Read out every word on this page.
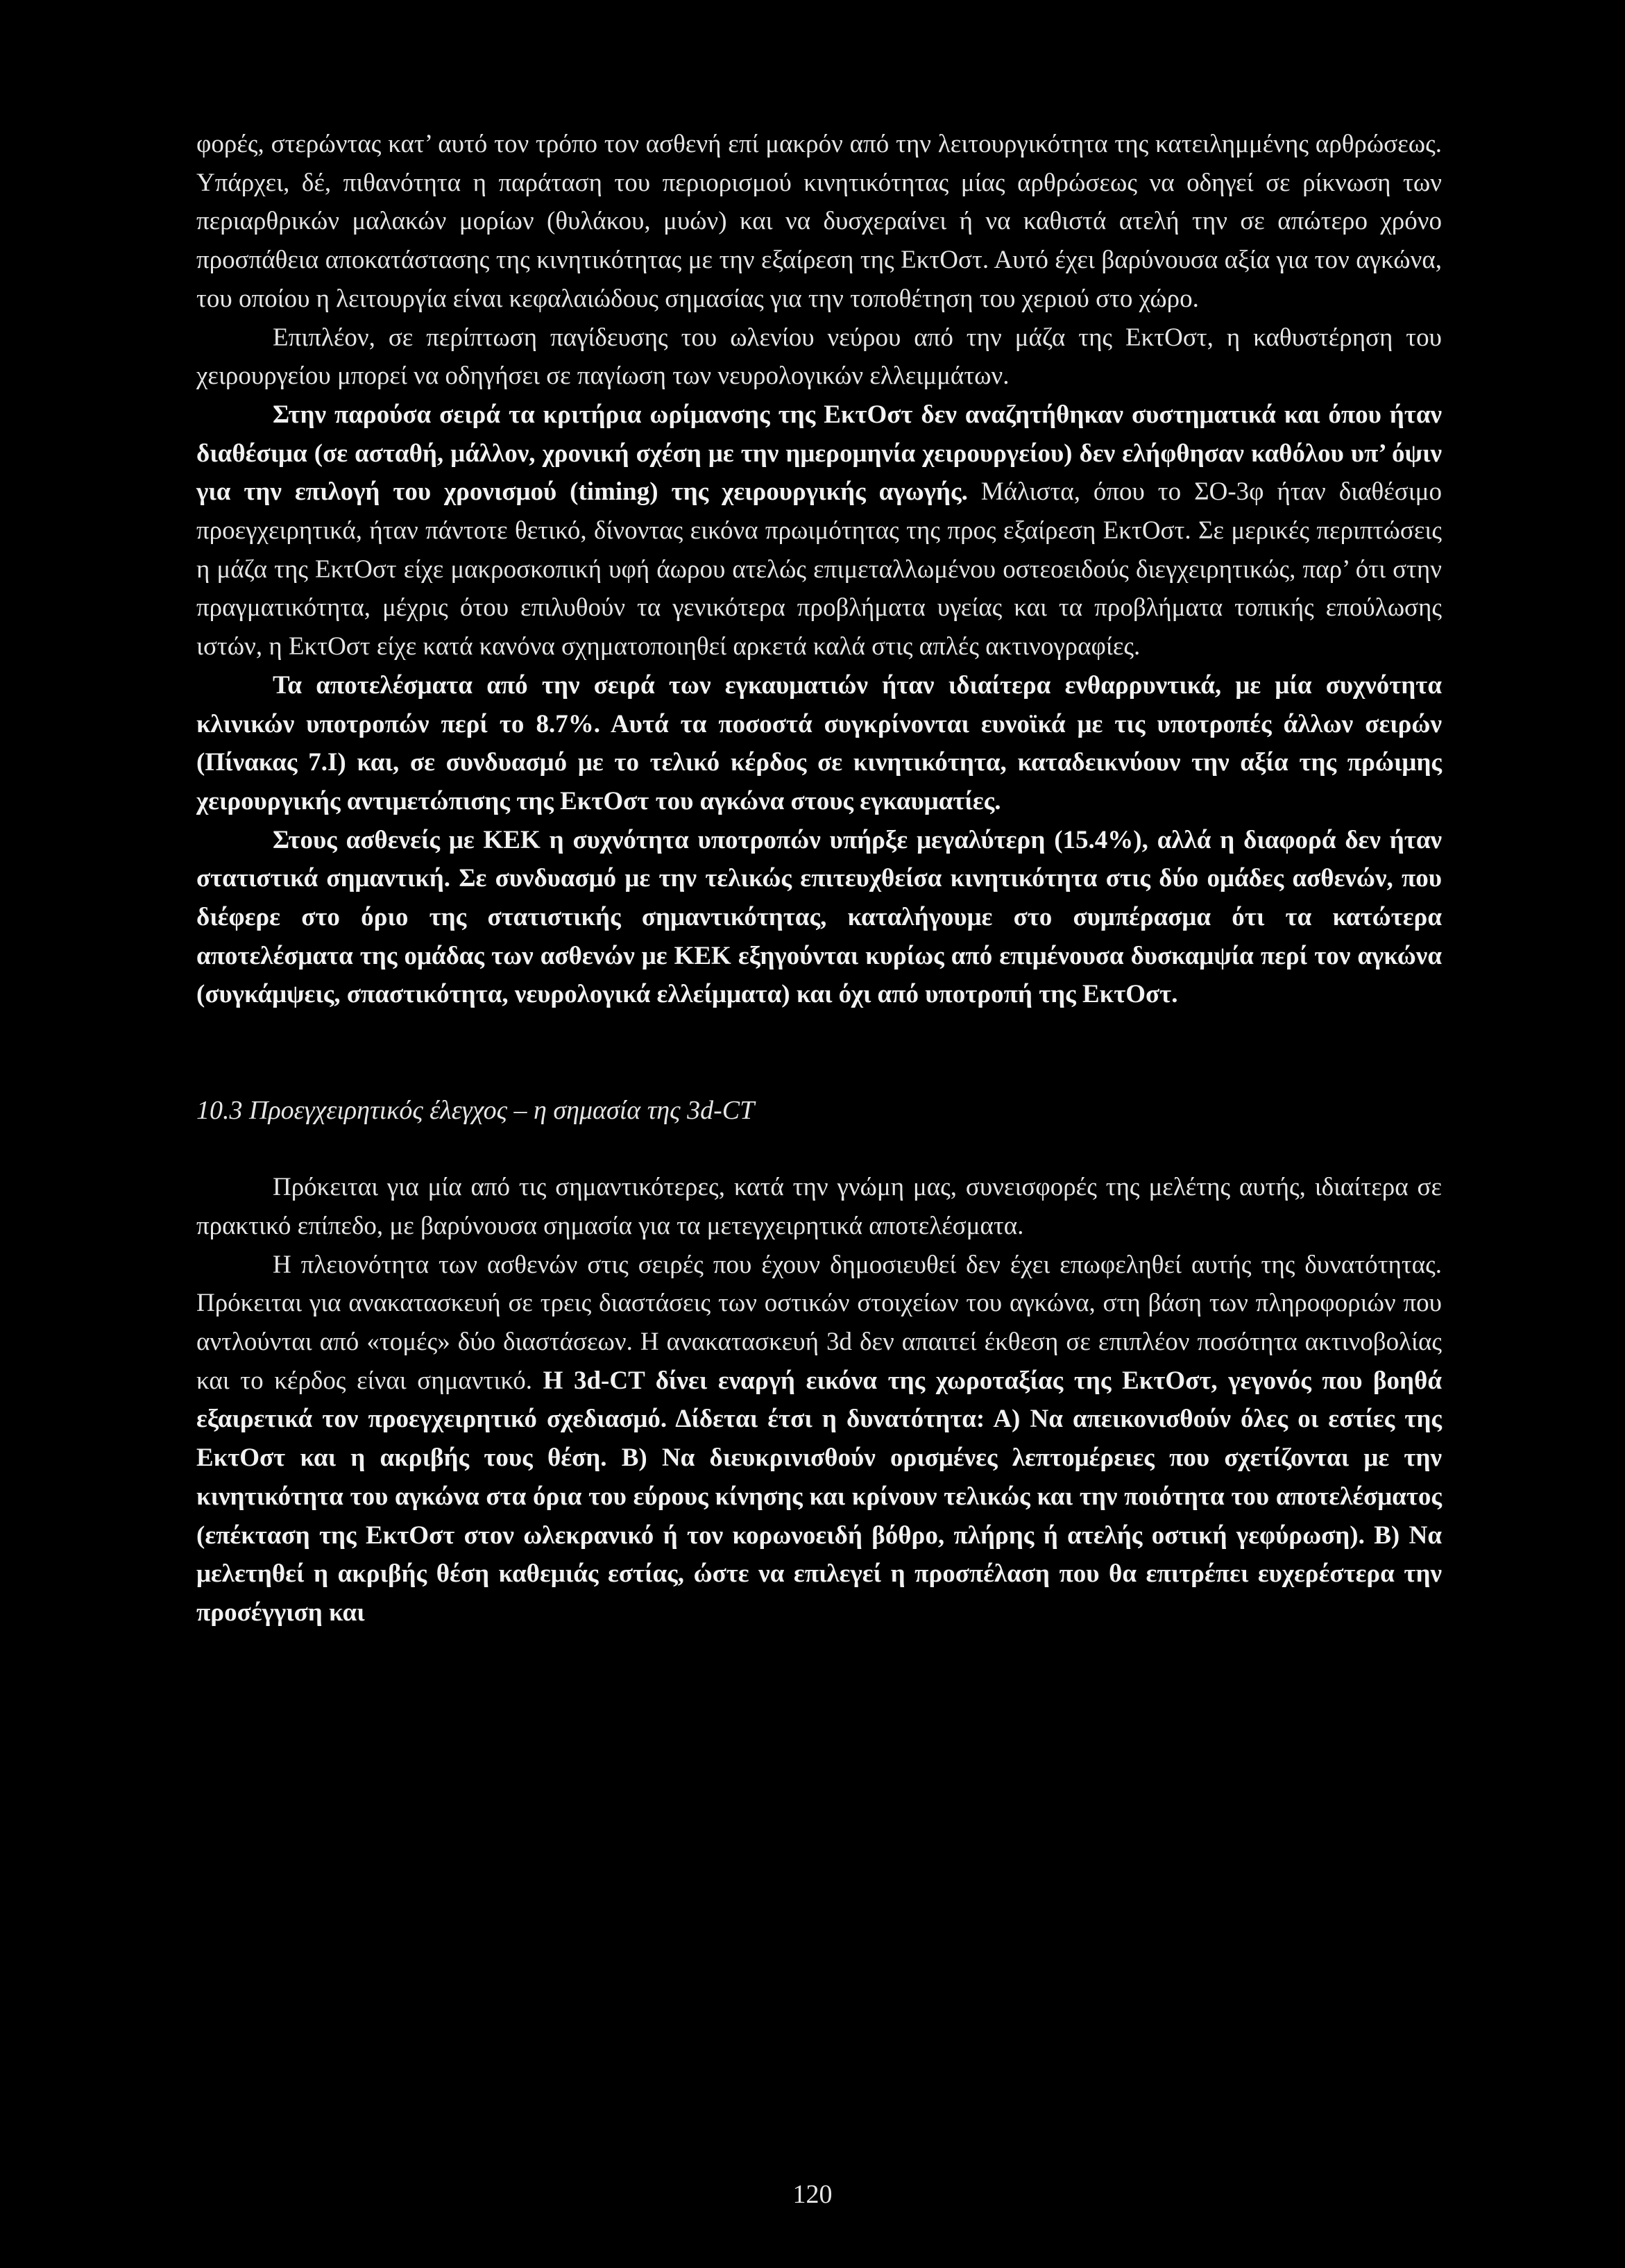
φορές, στερώντας κατ’ αυτό τον τρόπο τον ασθενή επί μακρόν από την λειτουργικότητα της κατειλημμένης αρθρώσεως. Υπάρχει, δέ, πιθανότητα η παράταση του περιορισμού κινητικότητας μίας αρθρώσεως να οδηγεί σε ρίκνωση των περιαρθρικών μαλακών μορίων (θυλάκου, μυών) και να δυσχεραίνει ή να καθιστά ατελή την σε απώτερο χρόνο προσπάθεια αποκατάστασης της κινητικότητας με την εξαίρεση της ΕκτΟστ. Αυτό έχει βαρύνουσα αξία για τον αγκώνα, του οποίου η λειτουργία είναι κεφαλαιώδους σημασίας για την τοποθέτηση του χεριού στο χώρο.

Επιπλέον, σε περίπτωση παγίδευσης του ωλενίου νεύρου από την μάζα της ΕκτΟστ, η καθυστέρηση του χειρουργείου μπορεί να οδηγήσει σε παγίωση των νευρολογικών ελλειμμάτων.

Στην παρούσα σειρά τα κριτήρια ωρίμανσης της ΕκτΟστ δεν αναζητήθηκαν συστηματικά και όπου ήταν διαθέσιμα (σε ασταθή, μάλλον, χρονική σχέση με την ημερομηνία χειρουργείου) δεν ελήφθησαν καθόλου υπ’ όψιν για την επιλογή του χρονισμού (timing) της χειρουργικής αγωγής. Μάλιστα, όπου το ΣΟ-3φ ήταν διαθέσιμο προεγχειρητικά, ήταν πάντοτε θετικό, δίνοντας εικόνα πρωιμότητας της προς εξαίρεση ΕκτΟστ. Σε μερικές περιπτώσεις η μάζα της ΕκτΟστ είχε μακροσκοπική υφή άωρου ατελώς επιμεταλλωμένου οστεοειδούς διεγχειρητικώς, παρ’ ότι στην πραγματικότητα, μέχρις ότου επιλυθούν τα γενικότερα προβλήματα υγείας και τα προβλήματα τοπικής επούλωσης ιστών, η ΕκτΟστ είχε κατά κανόνα σχηματοποιηθεί αρκετά καλά στις απλές ακτινογραφίες.

Τα αποτελέσματα από την σειρά των εγκαυματιών ήταν ιδιαίτερα ενθαρρυντικά, με μία συχνότητα κλινικών υποτροπών περί το 8.7%. Αυτά τα ποσοστά συγκρίνονται ευνοϊκά με τις υποτροπές άλλων σειρών (Πίνακας 7.Ι) και, σε συνδυασμό με το τελικό κέρδος σε κινητικότητα, καταδεικνύουν την αξία της πρώιμης χειρουργικής αντιμετώπισης της ΕκτΟστ του αγκώνα στους εγκαυματίες.

Στους ασθενείς με ΚΕΚ η συχνότητα υποτροπών υπήρξε μεγαλύτερη (15.4%), αλλά η διαφορά δεν ήταν στατιστικά σημαντική. Σε συνδυασμό με την τελικώς επιτευχθείσα κινητικότητα στις δύο ομάδες ασθενών, που διέφερε στο όριο της στατιστικής σημαντικότητας, καταλήγουμε στο συμπέρασμα ότι τα κατώτερα αποτελέσματα της ομάδας των ασθενών με ΚΕΚ εξηγούνται κυρίως από επιμένουσα δυσκαμψία περί τον αγκώνα (συγκάμψεις, σπαστικότητα, νευρολογικά ελλείμματα) και όχι από υποτροπή της ΕκτΟστ.

10.3 Προεγχειρητικός έλεγχος – η σημασία της 3d-CT

Πρόκειται για μία από τις σημαντικότερες, κατά την γνώμη μας, συνεισφορές της μελέτης αυτής, ιδιαίτερα σε πρακτικό επίπεδο, με βαρύνουσα σημασία για τα μετεγχειρητικά αποτελέσματα.

Η πλειονότητα των ασθενών στις σειρές που έχουν δημοσιευθεί δεν έχει επωφεληθεί αυτής της δυνατότητας. Πρόκειται για ανακατασκευή σε τρεις διαστάσεις των οστικών στοιχείων του αγκώνα, στη βάση των πληροφοριών που αντλούνται από «τομές» δύο διαστάσεων. Η ανακατασκευή 3d δεν απαιτεί έκθεση σε επιπλέον ποσότητα ακτινοβολίας και το κέρδος είναι σημαντικό. Η 3d-CT δίνει εναργή εικόνα της χωροταξίας της ΕκτΟστ, γεγονός που βοηθά εξαιρετικά τον προεγχειρητικό σχεδιασμό. Δίδεται έτσι η δυνατότητα: Α) Να απεικονισθούν όλες οι εστίες της ΕκτΟστ και η ακριβής τους θέση. Β) Να διευκρινισθούν ορισμένες λεπτομέρειες που σχετίζονται με την κινητικότητα του αγκώνα στα όρια του εύρους κίνησης και κρίνουν τελικώς και την ποιότητα του αποτελέσματος (επέκταση της ΕκτΟστ στον ωλεκρανικό ή τον κορωνοειδή βόθρο, πλήρης ή ατελής οστική γεφύρωση). Β) Να μελετηθεί η ακριβής θέση καθεμιάς εστίας, ώστε να επιλεγεί η προσπέλαση που θα επιτρέπει ευχερέστερα την προσέγγιση και

120
